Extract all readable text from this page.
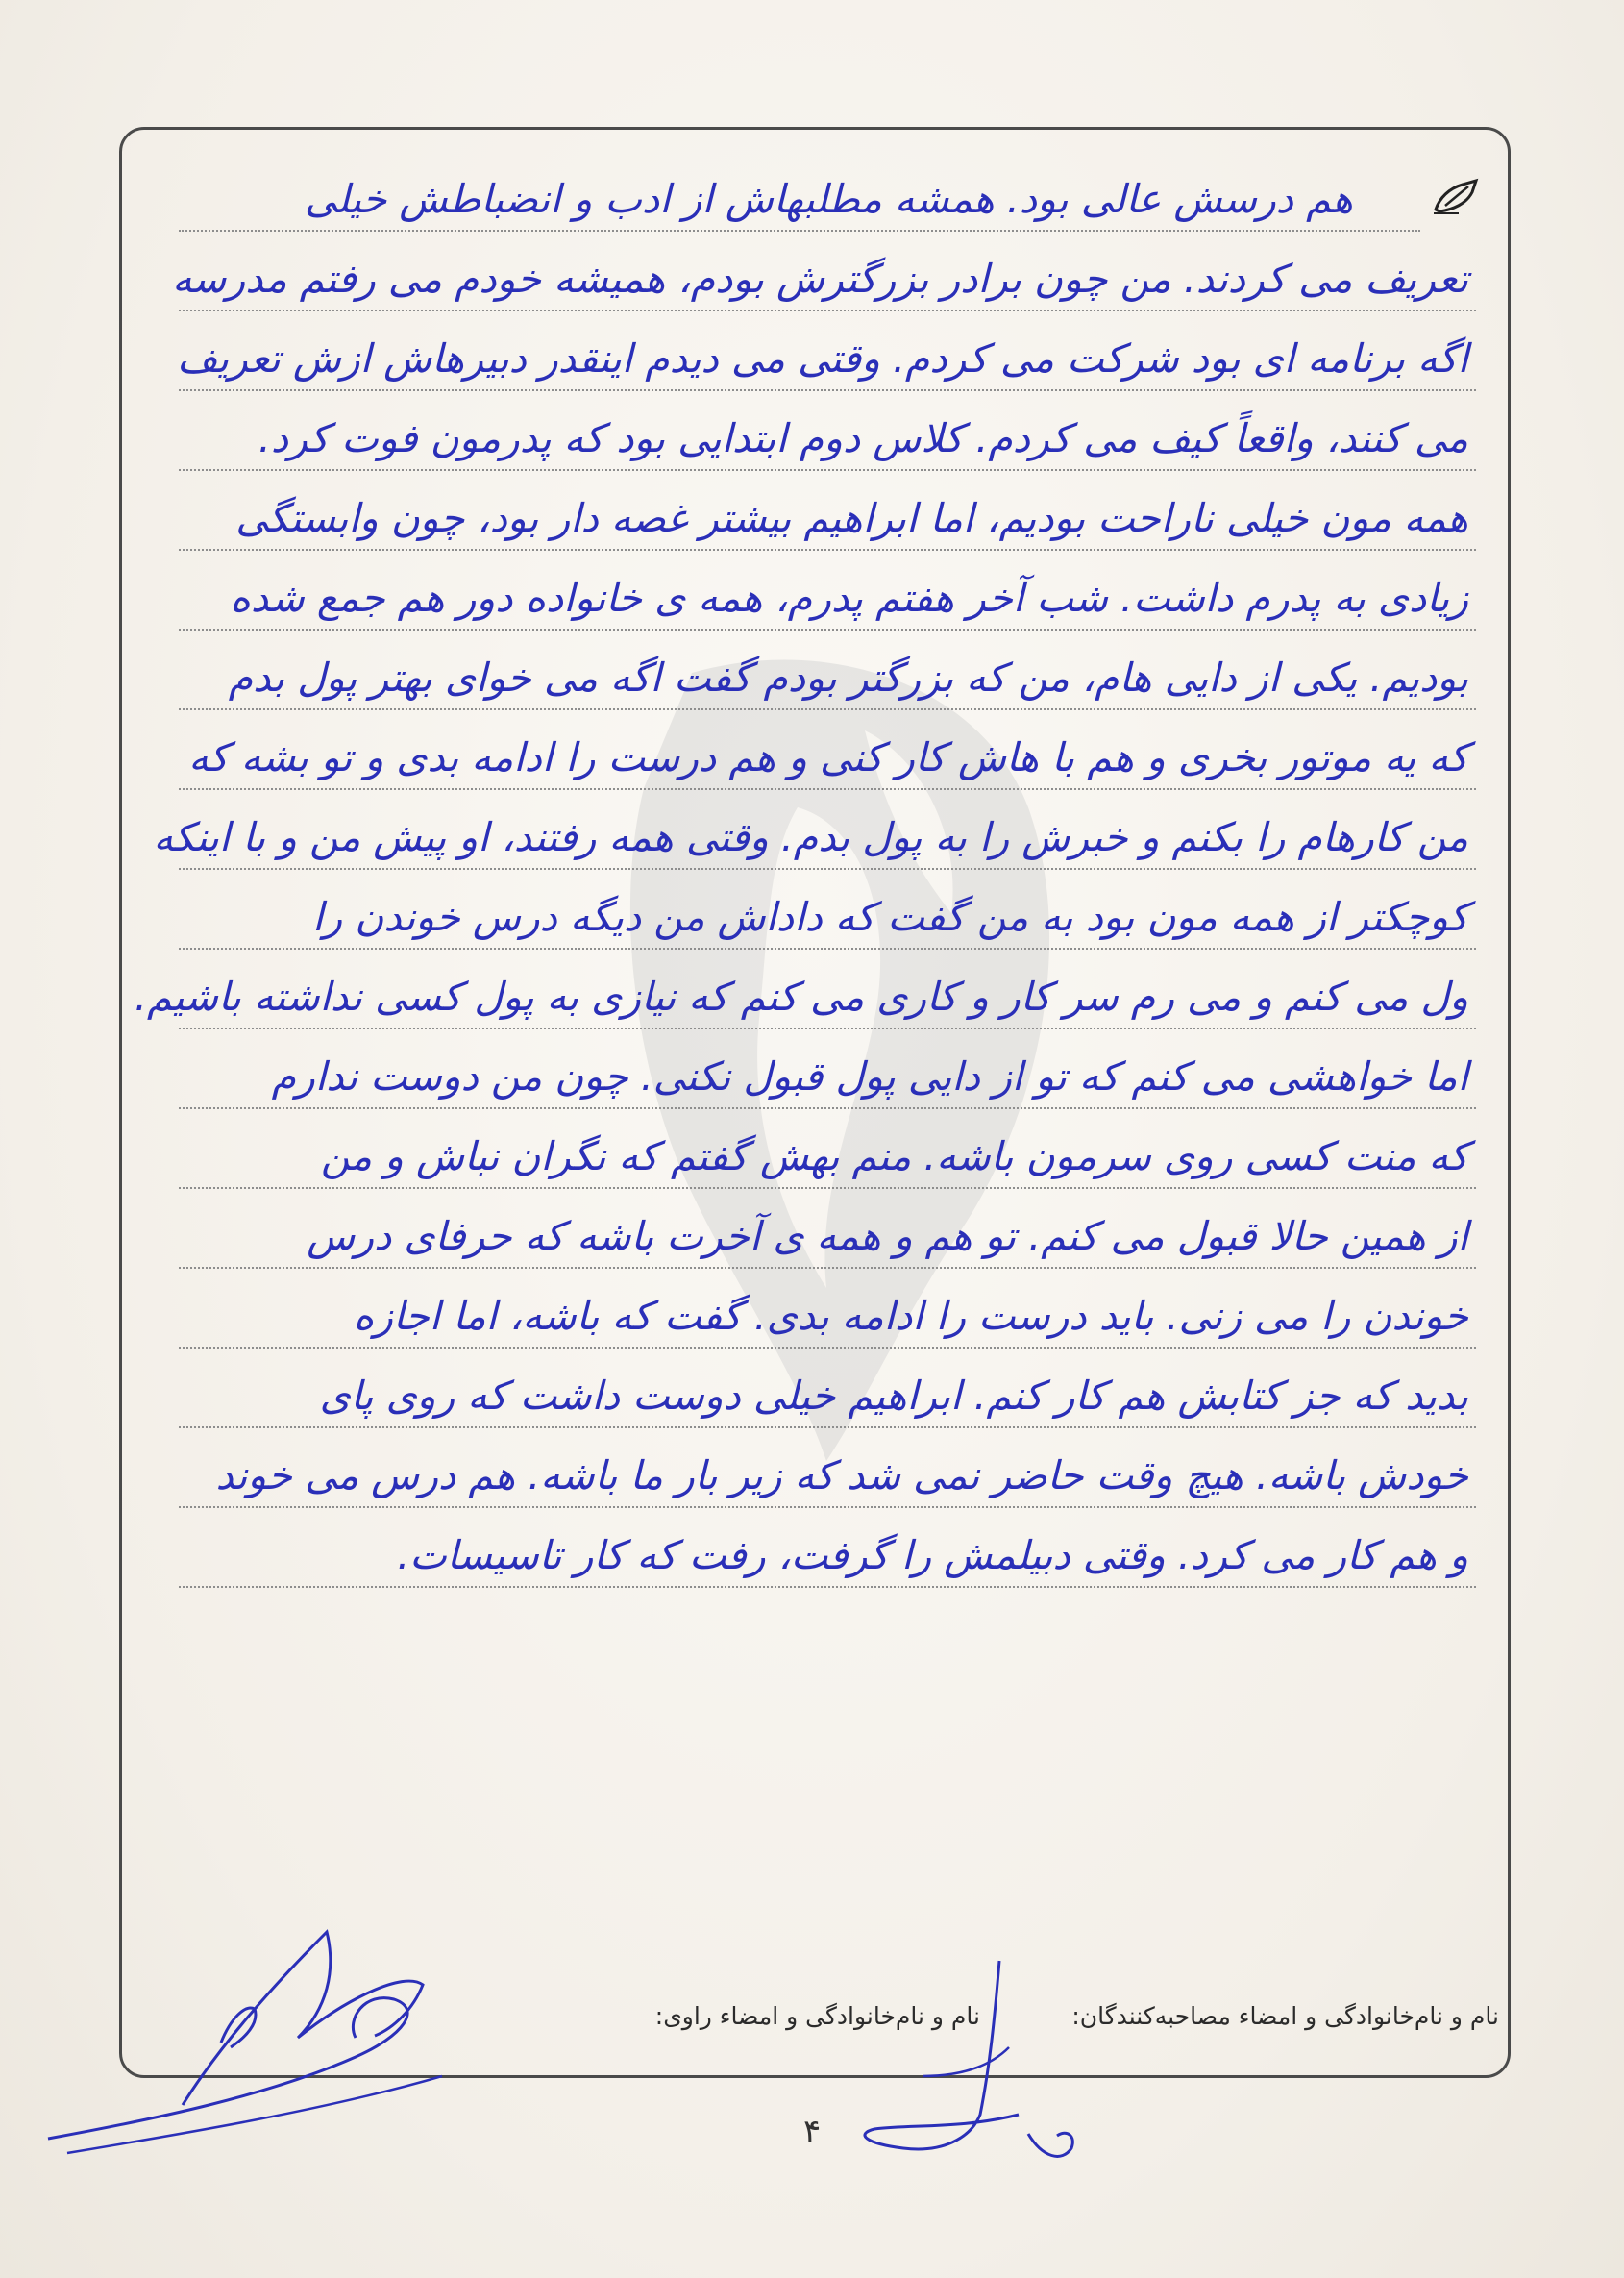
هم درسش عالی بود. همشه مطلبهاش از ادب و انضباطش خیلی
تعریف می کردند. من چون برادر بزرگترش بودم، همیشه خودم می رفتم مدرسه
اگه برنامه ای بود شرکت می کردم. وقتی می دیدم اینقدر دبیرهاش ازش تعریف
می کنند، واقعاً کیف می کردم. کلاس دوم ابتدایی بود که پدرمون فوت کرد.
همه مون خیلی ناراحت بودیم، اما ابراهیم بیشتر غصه دار بود، چون وابستگی
زیادی به پدرم داشت. شب آخر هفتم پدرم، همه ی خانواده دور هم جمع شده
بودیم. یکی از دایی هام، من که بزرگتر بودم گفت اگه می خوای بهتر پول بدم
که یه موتور بخری و هم با هاش کار کنی و هم درست را ادامه بدی و تو بشه که
من کارهام را بکنم و خبرش را به پول بدم. وقتی همه رفتند، او پیش من و با اینکه
کوچکتر از همه مون بود به من گفت که داداش من دیگه درس خوندن را
ول می کنم و می رم سر کار و کاری می کنم که نیازی به پول کسی نداشته باشیم.
اما خواهشی می کنم که تو از دایی پول قبول نکنی. چون من دوست ندارم
که منت کسی روی سرمون باشه. منم بهش گفتم که نگران نباش و من
از همین حالا قبول می کنم. تو هم و همه ی آخرت باشه که حرفای درس
خوندن را می زنی. باید درست را ادامه بدی. گفت که باشه، اما اجازه
بدید که جز کتابش هم کار کنم. ابراهیم خیلی دوست داشت که روی پای
خودش باشه. هیچ وقت حاضر نمی شد که زیر بار ما باشه. هم درس می خوند
و هم کار می کرد. وقتی دبیلمش را گرفت، رفت که کار تاسیسات.
نام و نام‌خانوادگی و امضاء مصاحبه‌کنندگان:
نام و نام‌خانوادگی و امضاء راوی:
۴
